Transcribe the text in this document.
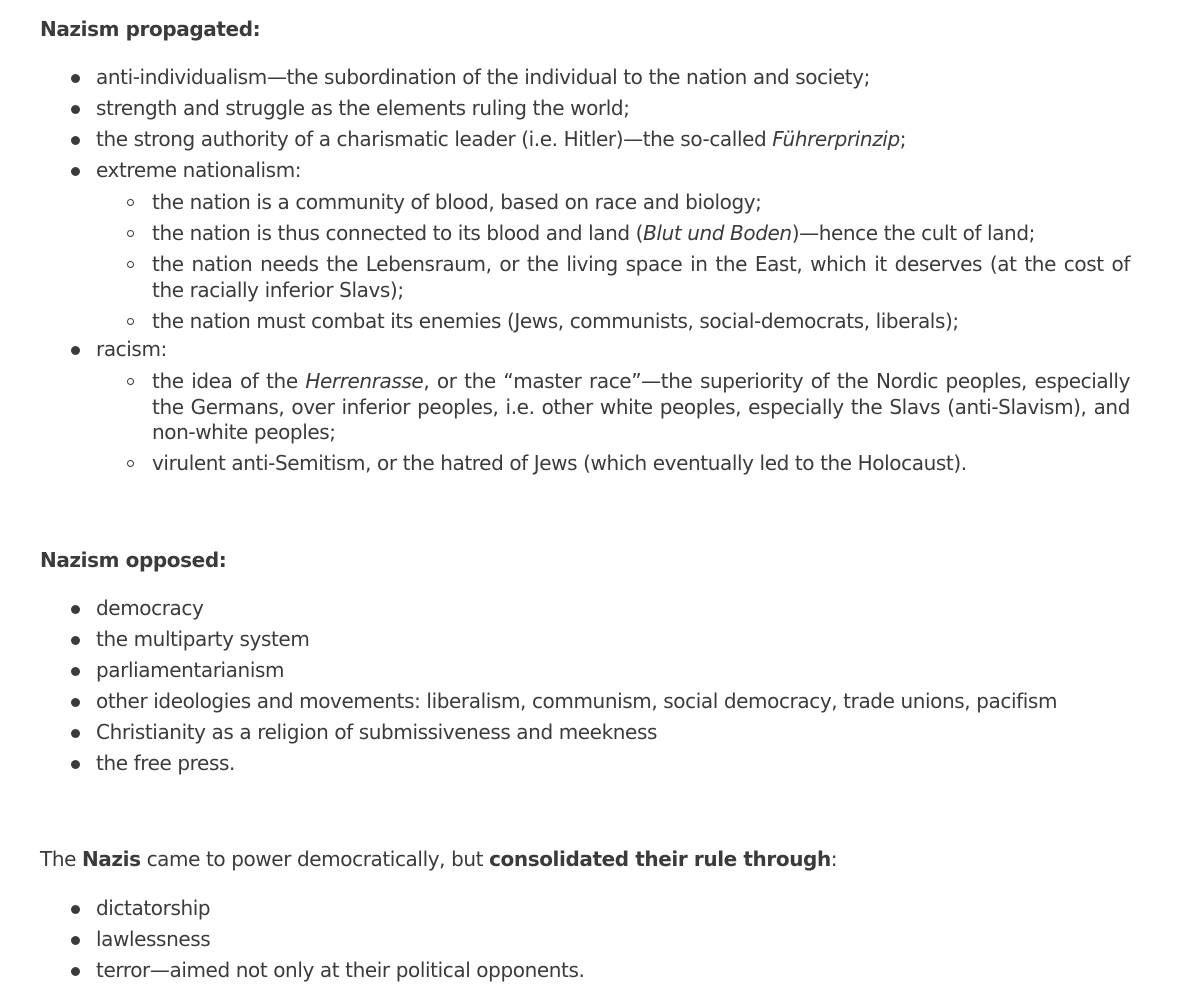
Nazism propagated:
anti-individualism—the subordination of the individual to the nation and society;
strength and struggle as the elements ruling the world;
the strong authority of a charismatic leader (i.e. Hitler)—the so-called Führerprinzip;
extreme nationalism:
the nation is a community of blood, based on race and biology;
the nation is thus connected to its blood and land (Blut und Boden)—hence the cult of land;
the nation needs the Lebensraum, or the living space in the East, which it deserves (at the cost of the racially inferior Slavs);
the nation must combat its enemies (Jews, communists, social-democrats, liberals);
racism:
the idea of the Herrenrasse, or the “master race”—the superiority of the Nordic peoples, especially the Germans, over inferior peoples, i.e. other white peoples, especially the Slavs (anti-Slavism), and non-white peoples;
virulent anti-Semitism, or the hatred of Jews (which eventually led to the Holocaust).
Nazism opposed:
democracy
the multiparty system
parliamentarianism
other ideologies and movements: liberalism, communism, social democracy, trade unions, pacifism
Christianity as a religion of submissiveness and meekness
the free press.

The Nazis came to power democratically, but consolidated their rule through:

dictatorship
lawlessness
terror—aimed not only at their political opponents.
